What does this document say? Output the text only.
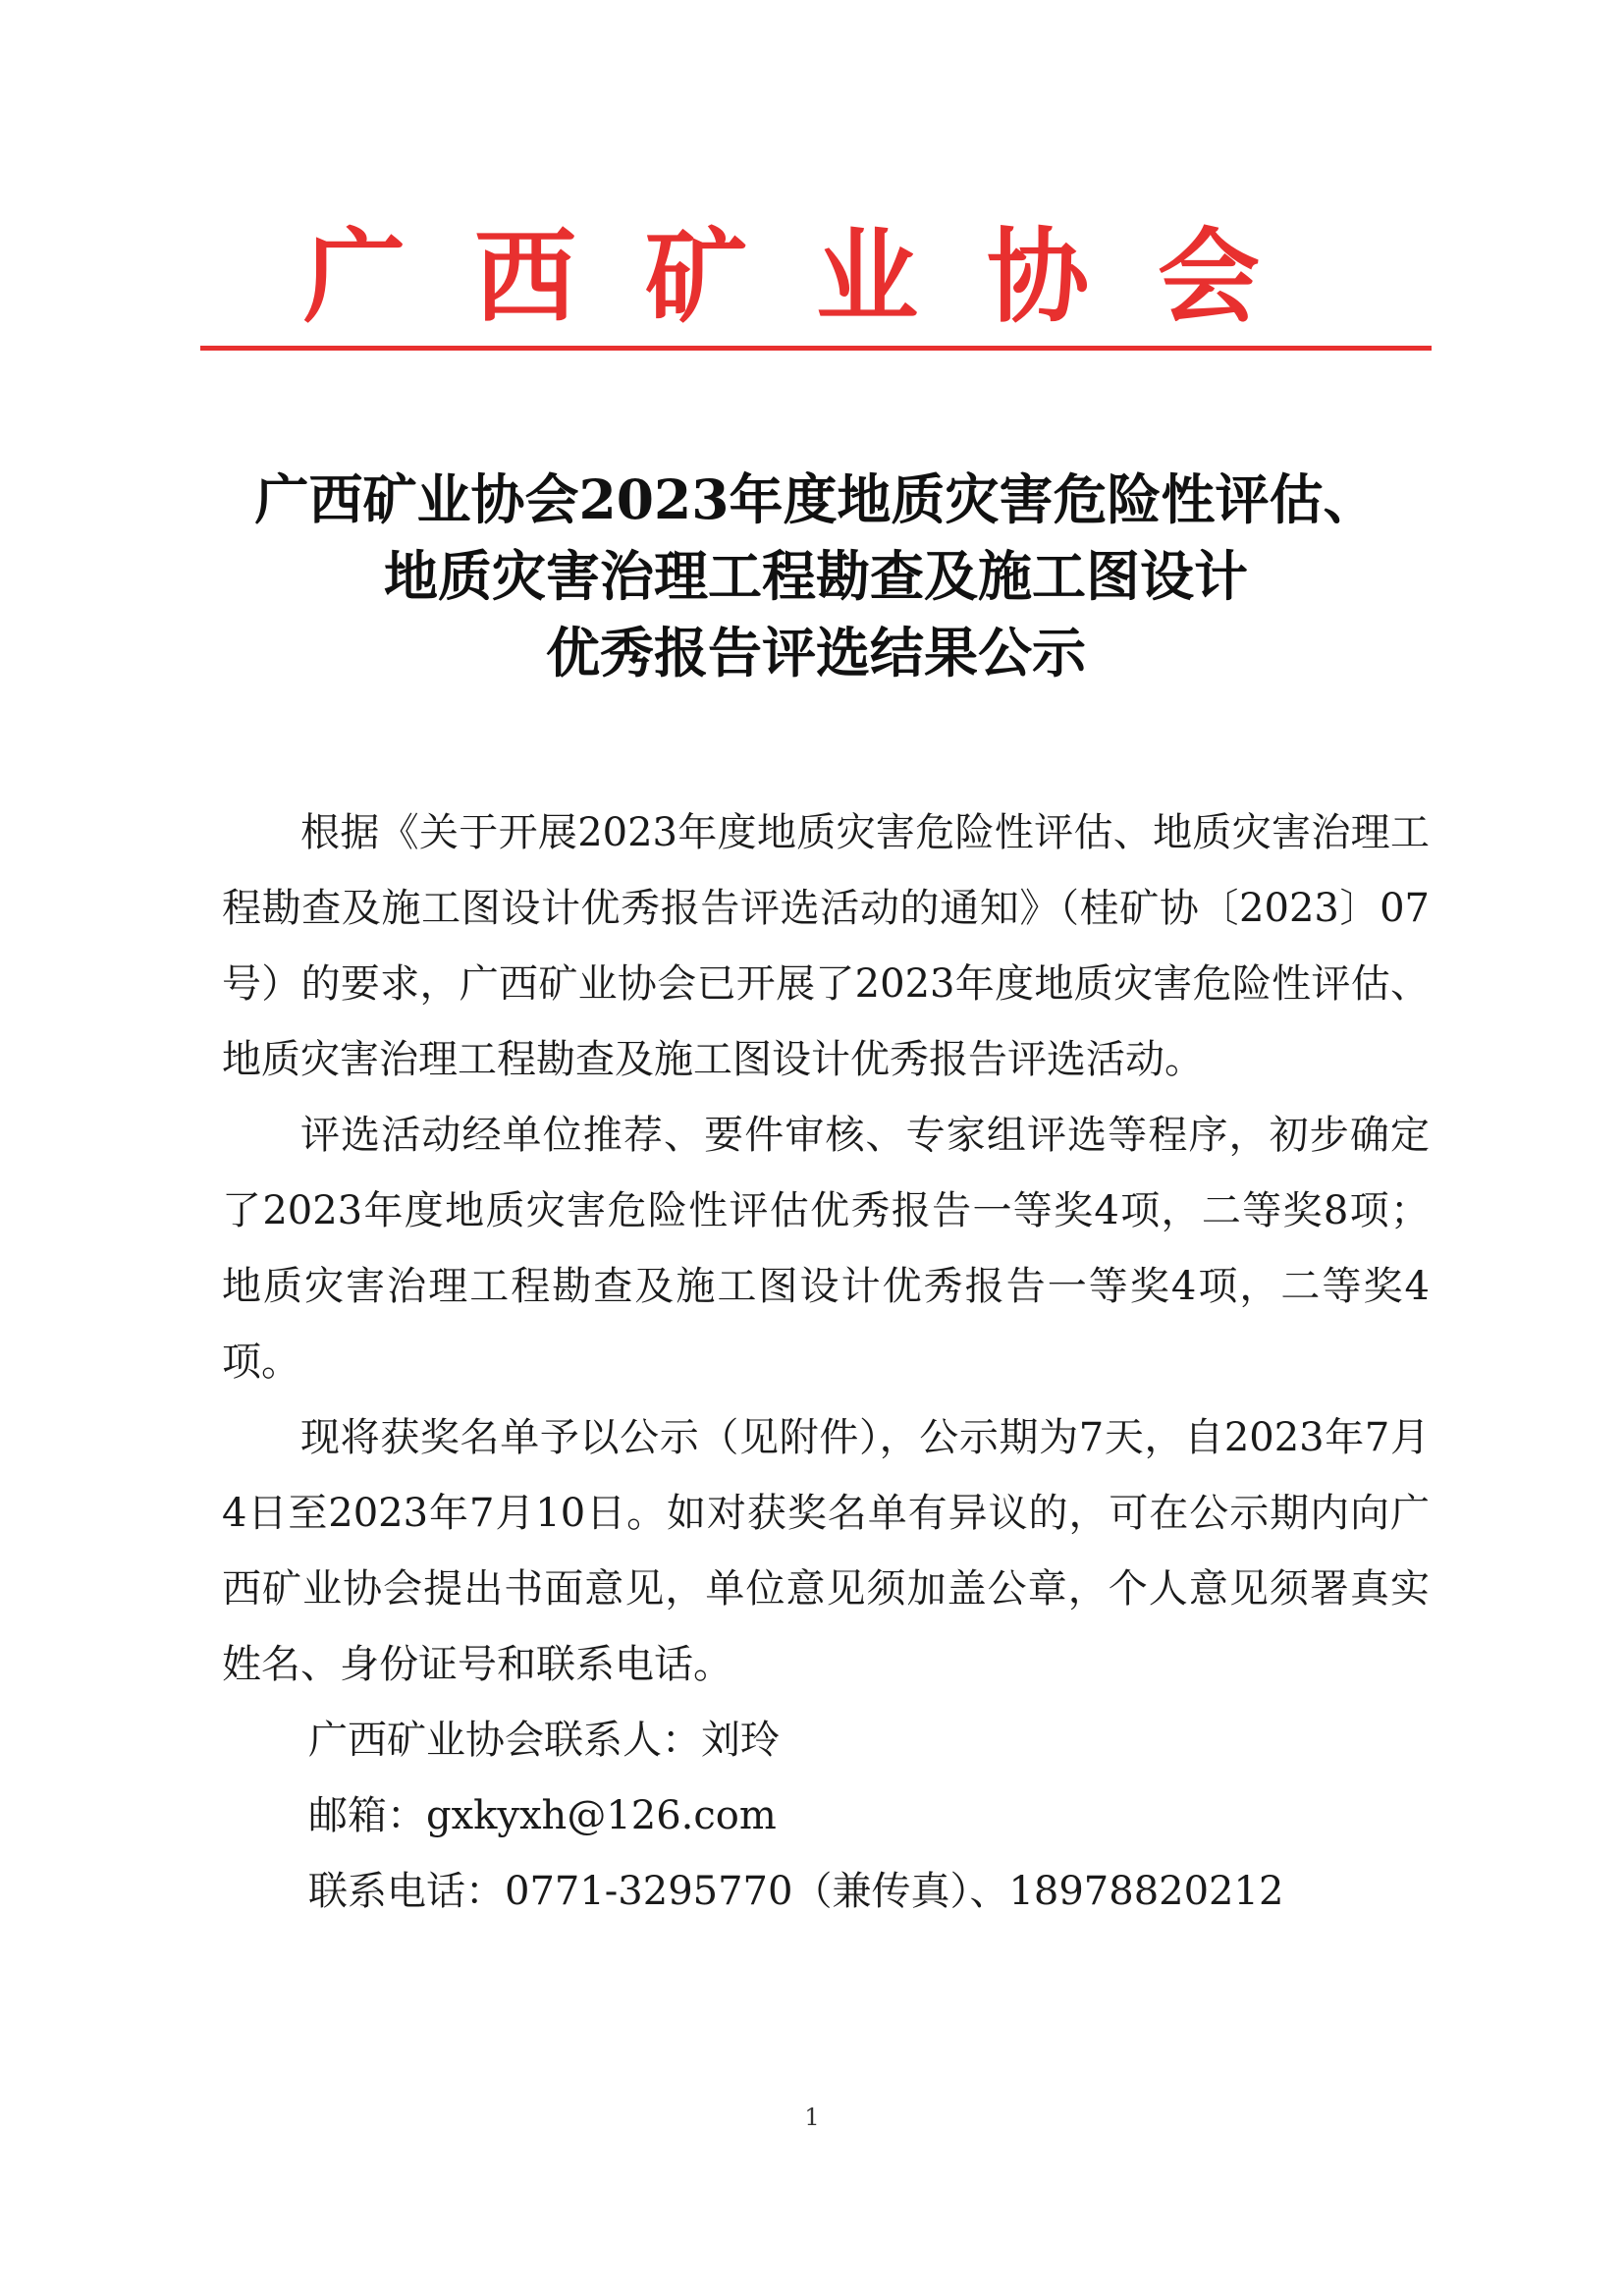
广西矿业协会
广西矿业协会2023年度地质灾害危险性评估、
地质灾害治理工程勘查及施工图设计
优秀报告评选结果公示

根据《关于开展2023年度地质灾害危险性评估、地质灾害治理工程勘查及施工图设计优秀报告评选活动的通知》（桂矿协〔2023〕07号）的要求，广西矿业协会已开展了2023年度地质灾害危险性评估、地质灾害治理工程勘查及施工图设计优秀报告评选活动。

评选活动经单位推荐、要件审核、专家组评选等程序，初步确定了2023年度地质灾害危险性评估优秀报告一等奖4项，二等奖8项；地质灾害治理工程勘查及施工图设计优秀报告一等奖4项，二等奖4项。

现将获奖名单予以公示（见附件），公示期为7天，自2023年7月4日至2023年7月10日。如对获奖名单有异议的，可在公示期内向广西矿业协会提出书面意见，单位意见须加盖公章，个人意见须署真实姓名、身份证号和联系电话。

广西矿业协会联系人：刘玲

邮箱：gxkyxh@126.com

联系电话：0771-3295770（兼传真）、18978820212

1
